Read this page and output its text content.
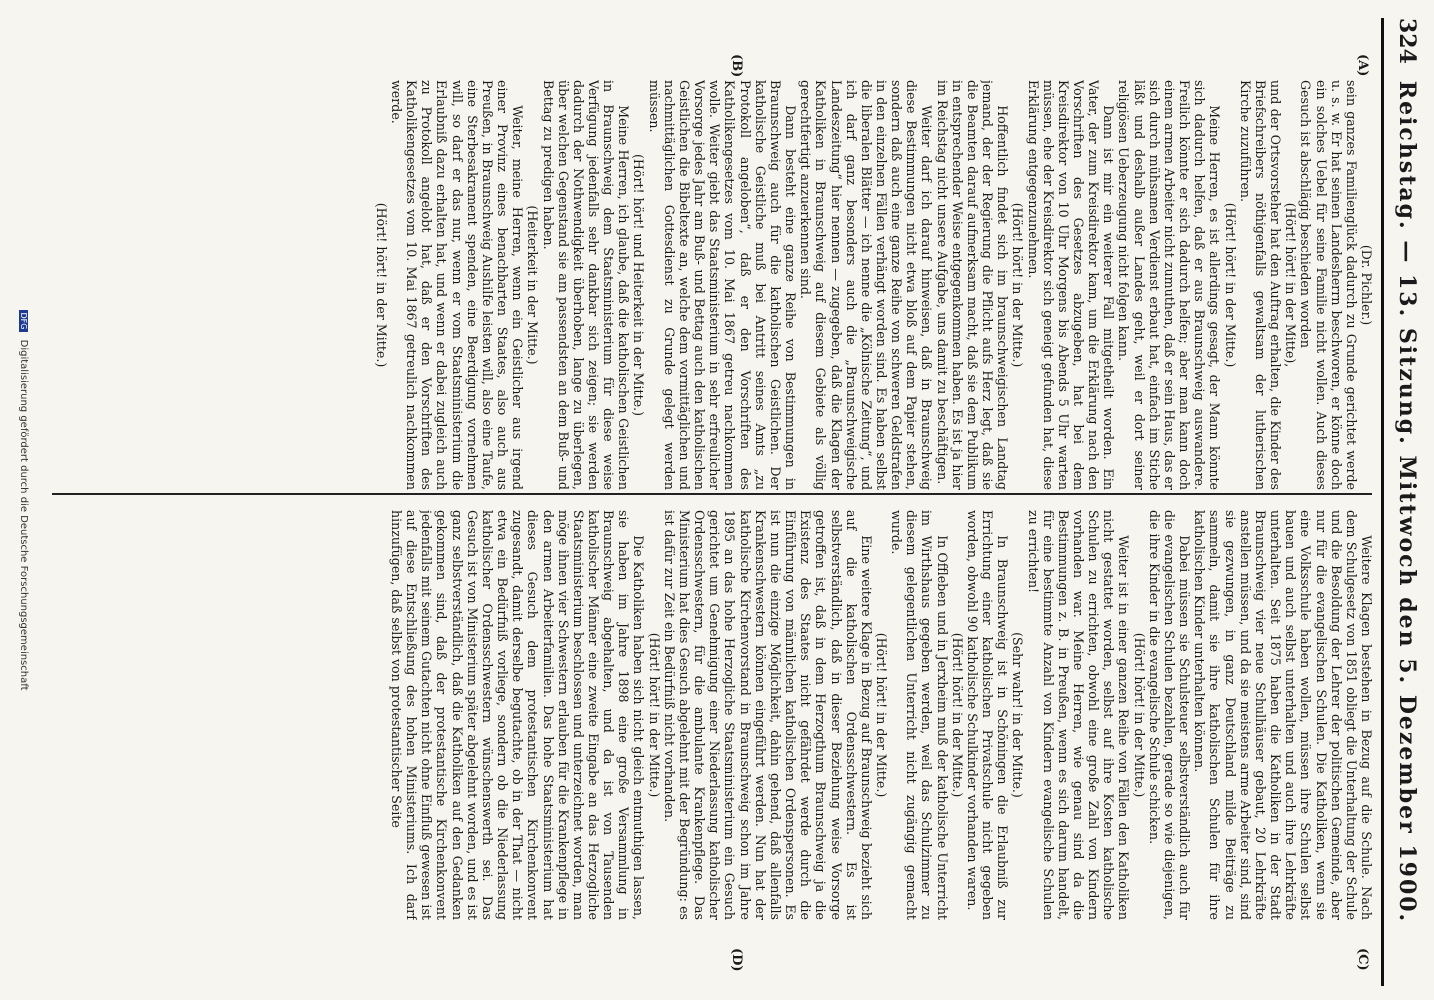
324
Reichstag. — 13. Sitzung. Mittwoch den 5. Dezember 1900.
(A)
(B)
(C)
(D)

(Dr. Pichler.)

sein ganzes Familienglück dadurch zu Grunde gerichtet werde u. s. w. Er hat seinen Landesherrn beschworen, er könne doch ein solches Uebel für seine Familie nicht wollen. Auch dieses Gesuch ist abschlägig beschieden worden

(Hört! hört! in der Mitte),

und der Ortsvorsteher hat den Auftrag erhalten, die Kinder des Briefschreibers nöthigenfalls gewaltsam der lutherischen Kirche zuzuführen.

(Hört! hört! in der Mitte.)

Meine Herren, es ist allerdings gesagt, der Mann könnte sich dadurch helfen, daß er aus Braunschweig auswandere. Freilich könnte er sich dadurch helfen; aber man kann doch einem armen Arbeiter nicht zumuthen, daß er sein Haus, das er sich durch mühsamen Verdienst erbaut hat, einfach im Stiche läßt und deshalb außer Landes geht, weil er dort seiner religiösen Ueberzeugung nicht folgen kann.

Dann ist mir ein weiterer Fall mitgetheilt worden. Ein Vater, der zum Kreisdirektor kam, um die Erklärung nach den Vorschriften des Gesetzes abzugeben, hat bei dem Kreisdirektor von 10 Uhr Morgens bis Abends 5 Uhr warten müssen, ehe der Kreisdirektor sich geneigt gefunden hat, diese Erklärung entgegenzunehmen.

(Hört! hört! in der Mitte.)

Hoffentlich findet sich im braunschweigischen Landtag jemand, der der Regierung die Pflicht aufs Herz legt, daß sie die Beamten darauf aufmerksam macht, daß sie dem Publikum in entsprechender Weise entgegenkommen haben. Es ist ja hier im Reichstag nicht unsere Aufgabe, uns damit zu beschäftigen.

Weiter darf ich darauf hinweisen, daß in Braunschweig diese Bestimmungen nicht etwa bloß auf dem Papier stehen, sondern daß auch eine ganze Reihe von schweren Geldstrafen in den einzelnen Fällen verhängt worden sind. Es haben selbst die liberalen Blätter — ich nenne die „Kölnische Zeitung“, und ich darf ganz besonders auch die „Braunschweigische Landeszeitung“ hier nennen — zugegeben, daß die Klagen der Katholiken in Braunschweig auf diesem Gebiete als völlig gerechtfertigt anzuerkennen sind.

Dann besteht eine ganze Reihe von Bestimmungen in Braunschweig auch für die katholischen Geistlichen. Der katholische Geistliche muß bei Antritt seines Amts „zu Protokoll angeloben“, daß er den Vorschriften des Katholikengesetzes vom 10. Mai 1867 getreu nachkommen wolle. Weiter giebt das Staatsministerium in sehr erfreulicher Vorsorge jedes Jahr am Buß- und Bettag auch den katholischen Geistlichen die Bibeltexte an, welche dem vormittäglichen und nachmittäglichen Gottesdienst zu Grunde gelegt werden müssen.

(Hört! hört! und Heiterkeit in der Mitte.)

Meine Herren, ich glaube, daß die katholischen Geistlichen in Braunschweig dem Staatsministerium für diese weise Verfügung jedenfalls sehr dankbar sich zeigen; sie werden dadurch der Nothwendigkeit überhoben, lange zu überlegen, über welchen Gegenstand sie am passendsten an dem Buß- und Bettag zu predigen haben.

(Heiterkeit in der Mitte.)

Weiter, meine Herren, wenn ein Geistlicher aus irgend einer Provinz eines benachbarten Staates, also auch aus Preußen, in Braunschweig Aushilfe leisten will, also eine Taufe, eine Sterbesakrament spenden, eine Beerdigung vornehmen will, so darf er das nur, wenn er vom Staatsministerium die Erlaubniß dazu erhalten hat, und wenn er dabei zugleich auch zu Protokoll angelobt hat, daß er den Vorschriften des Katholikengesetzes vom 10. Mai 1867 getreulich nachkommen werde.

(Hört! hört! in der Mitte.)

Weitere Klagen bestehen in Bezug auf die Schule. Nach dem Schulgesetz von 1851 obliegt die Unterhaltung der Schule und die Besoldung der Lehrer der politischen Gemeinde, aber nur für die evangelischen Schulen. Die Katholiken, wenn sie eine Volksschule haben wollen, müssen ihre Schulen selbst bauen und auch selbst unterhalten und auch ihre Lehrkräfte unterhalten. Seit 1875 haben die Katholiken in der Stadt Braunschweig vier neue Schulhäuser gebaut, 20 Lehrkräfte anstellen müssen, und da sie meistens arme Arbeiter sind, sind sie gezwungen, in ganz Deutschland milde Beiträge zu sammeln, damit sie ihre katholischen Schulen für ihre katholischen Kinder unterhalten können.

Dabei müssen sie Schulsteuer selbstverständlich auch für die evangelischen Schulen bezahlen, gerade so wie diejenigen, die ihre Kinder in die evangelische Schule schicken.

(Hört! hört! in der Mitte.)

Weiter ist in einer ganzen Reihe von Fällen den Katholiken nicht gestattet worden, selbst auf ihre Kosten katholische Schulen zu errichten, obwohl eine große Zahl von Kindern vorhanden war. Meine Herren, wie genau sind da die Bestimmungen z. B. in Preußen, wenn es sich darum handelt, für eine bestimmte Anzahl von Kindern evangelische Schulen zu errichten!

(Sehr wahr! in der Mitte.)

In Braunschweig ist in Schöningen die Erlaubniß zur Errichtung einer katholischen Privatschule nicht gegeben worden, obwohl 90 katholische Schulkinder vorhanden waren.

(Hört! hört! in der Mitte.)

In Offleben und in Jerxheim muß der katholische Unterricht im Wirthshaus gegeben werden, weil das Schulzimmer zu diesem gelegentlichen Unterricht nicht zugängig gemacht wurde.

(Hört! hört! in der Mitte.)

Eine weitere Klage in Bezug auf Braunschweig bezieht sich auf die katholischen Ordensschwestern. Es ist selbstverständlich, daß in dieser Beziehung weise Vorsorge getroffen ist, daß in dem Herzogthum Braunschweig ja die Existenz des Staates nicht gefährdet werde durch die Einführung von männlichen katholischen Ordenspersonen. Es ist nun die einzige Möglichkeit, dahin gehend, daß allenfalls Krankenschwestern können eingeführt werden. Nun hat der katholische Kirchenvorstand in Braunschweig schon im Jahre 1895 an das hohe Herzogliche Staatsministerium ein Gesuch gerichtet um Genehmigung einer Niederlassung katholischer Ordensschwestern, für die ambulante Krankenpflege. Das Ministerium hat dies Gesuch abgelehnt mit der Begründung: es ist dafür zur Zeit ein Bedürfniß nicht vorhanden.

(Hört! hört! in der Mitte.)

Die Katholiken haben sich nicht gleich entmuthigen lassen, sie haben im Jahre 1898 eine große Versammlung in Braunschweig abgehalten, und da ist von Tausenden katholischer Männer eine zweite Eingabe an das Herzogliche Staatsministerium beschlossen und unterzeichnet worden, man möge ihnen vier Schwestern erlauben für die Krankenpflege in den armen Arbeiterfamilien. Das hohe Staatsministerium hat dieses Gesuch dem protestantischen Kirchenkonvent zugesandt, damit derselbe begutachte, ob in der That — nicht etwa ein Bedürfniß vorliege, sondern ob die Niederlassung katholischer Ordensschwestern wünschenswerth sei. Das Gesuch ist von Ministerium später abgelehnt worden, und es ist ganz selbstverständlich, daß die Katholiken auf den Gedanken gekommen sind, daß der protestantische Kirchenkonvent jedenfalls mit seinem Gutachten nicht ohne Einfluß gewesen ist auf diese Entschließung des hohen Ministeriums. Ich darf hinzufügen, daß selbst von protestantischer Seite

DFG Digitalisierung gefördert durch die Deutsche Forschungsgemeinschaft
